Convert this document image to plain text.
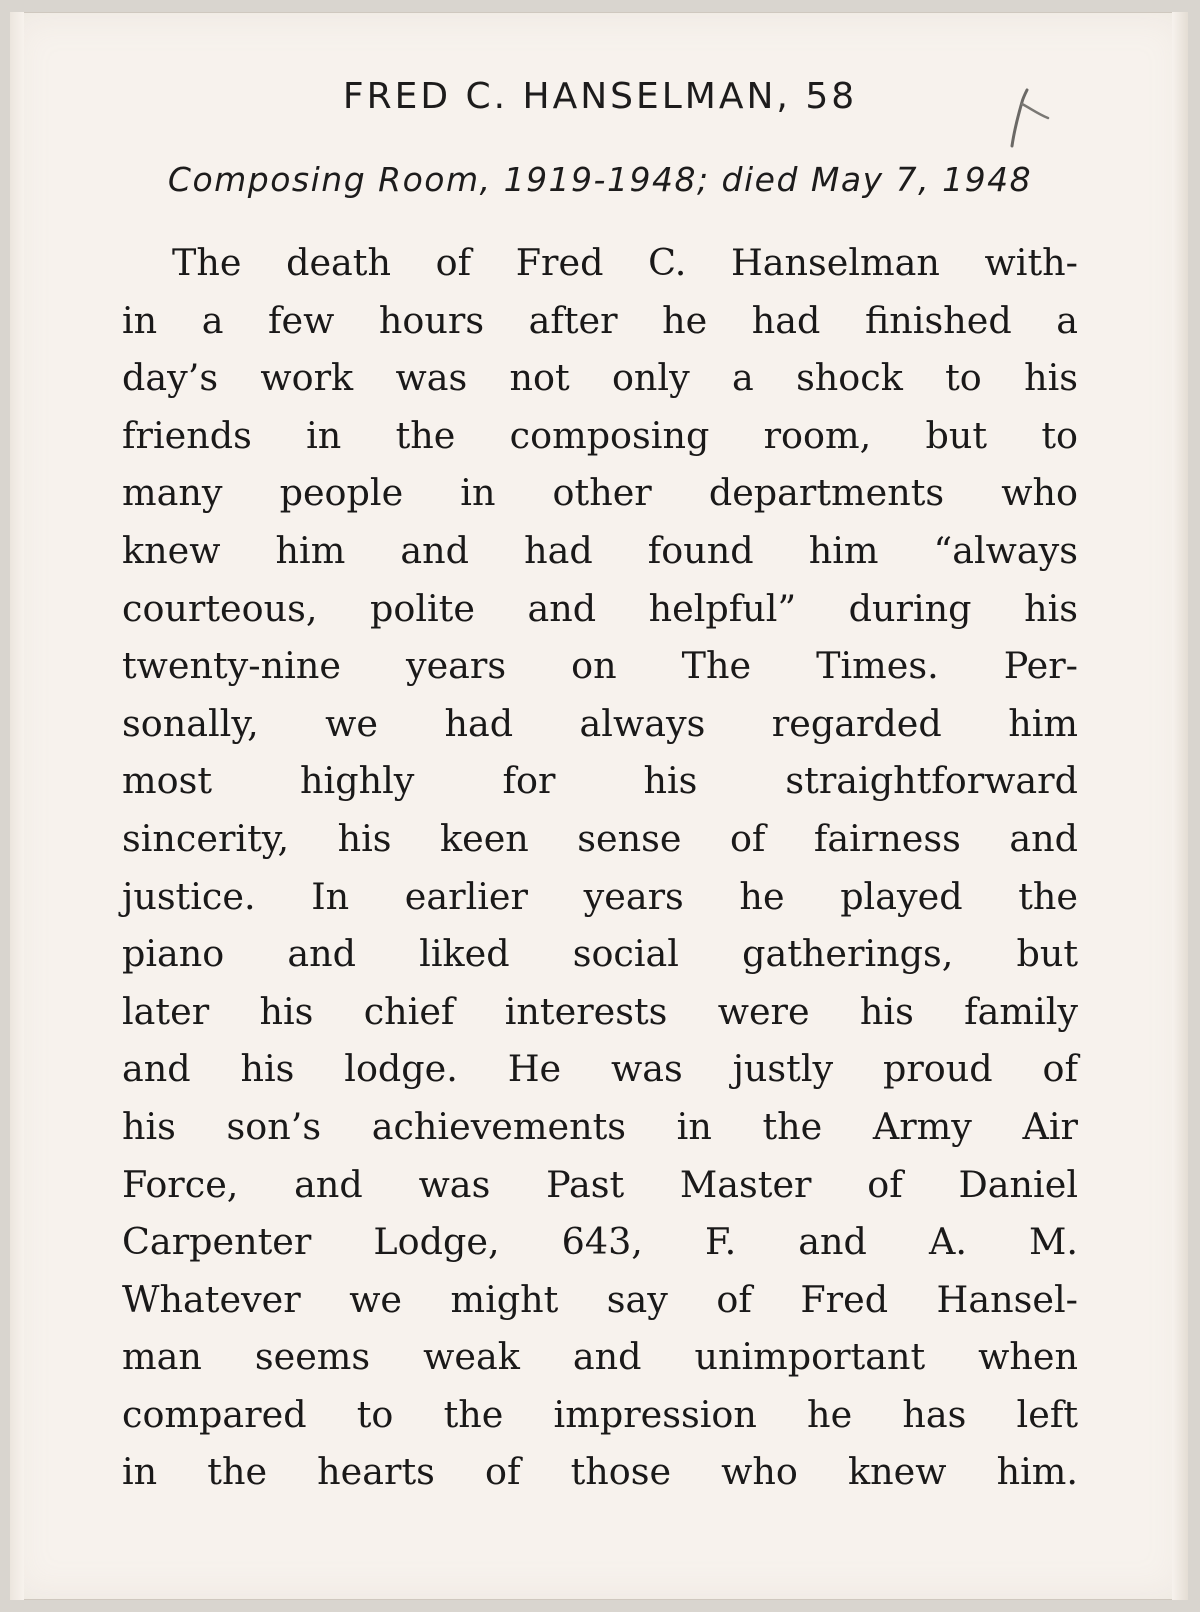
FRED C. HANSELMAN, 58
Composing Room, 1919-1948; died May 7, 1948
The death of Fred C. Hanselman with-
in a few hours after he had finished a
day’s work was not only a shock to his
friends in the composing room, but to
many people in other departments who
knew him and had found him “always
courteous, polite and helpful” during his
twenty-nine years on The Times. Per-
sonally, we had always regarded him
most highly for his straightforward
sincerity, his keen sense of fairness and
justice. In earlier years he played the
piano and liked social gatherings, but
later his chief interests were his family
and his lodge. He was justly proud of
his son’s achievements in the Army Air
Force, and was Past Master of Daniel
Carpenter Lodge, 643, F. and A. M.
Whatever we might say of Fred Hansel-
man seems weak and unimportant when
compared to the impression he has left
in the hearts of those who knew him.
